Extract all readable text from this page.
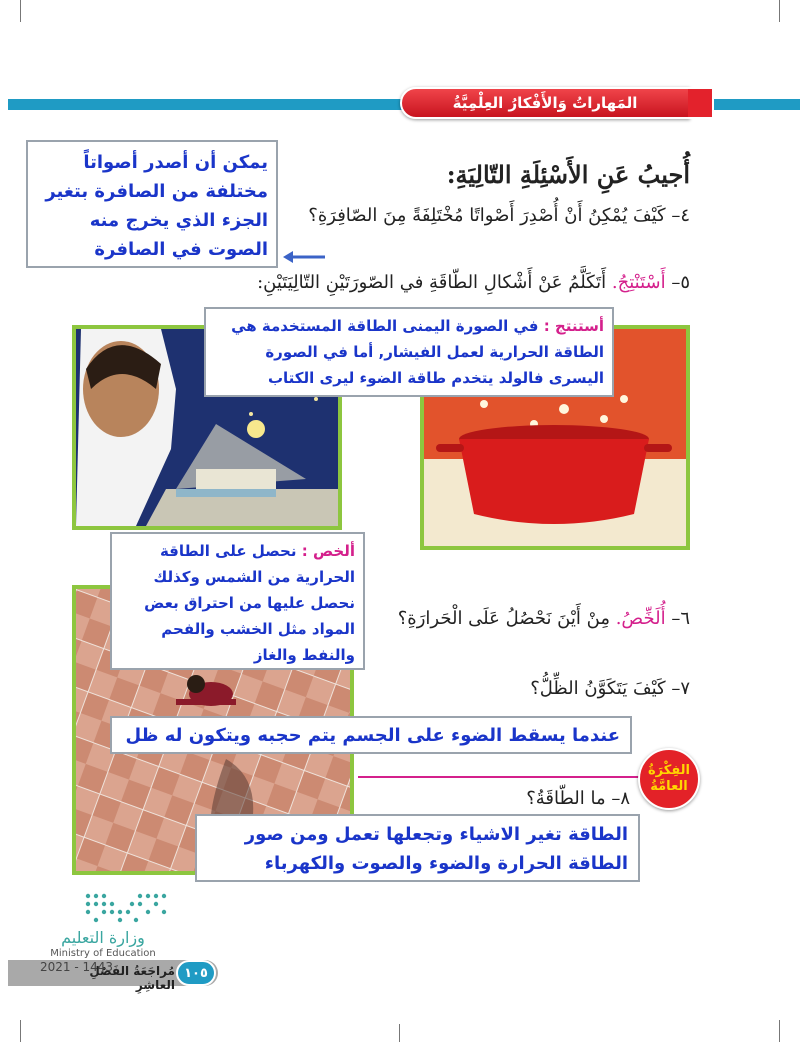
المَهاراتُ وَالأَفْكارُ العِلْمِيَّةُ
أُجيبُ عَنِ الأَسْئِلَةِ التّالِيَةِ:
٤– كَيْفَ يُمْكِنُ أَنْ أُصْدِرَ أَصْواتًا مُخْتَلِفَةً مِنَ الصّافِرَةِ؟
يمكن أن أصدر أصواتاً مختلفة من الصافرة بتغير الجزء الذي يخرج منه الصوت في الصافرة
٥– أَسْتَنْتِجُ. أَتَكَلَّمُ عَنْ أَشْكالِ الطّاقَةِ في الصّورَتَيْنِ التّالِيَتَيْنِ:
أستنتج : في الصورة اليمنى الطاقة المستخدمة هي الطاقة الحرارية لعمل الفيشار, أما في الصورة اليسرى فالولد يتخدم طاقة الضوء ليرى الكتاب
ألخص : نحصل على الطاقة الحرارية من الشمس وكذلك نحصل عليها من احتراق بعض المواد مثل الخشب والفحم والنفط والغاز
٦– أُلَخِّصُ. مِنْ أَيْنَ نَحْصُلُ عَلَى الْحَرارَةِ؟
٧– كَيْفَ يَتَكَوَّنُ الظِّلُّ؟
عندما يسقط الضوء على الجسم يتم حجبه ويتكون له ظل
الفِكْرَةُ
العامَّةُ
٨– ما الطّاقَةُ؟
الطاقة تغير الاشياء وتجعلها تعمل ومن صور الطاقة الحرارة والضوء والصوت والكهرباء
وزارة التعليم
Ministry of Education
١٠٥
مُراجَعَةُ الفَصْلِ العاشِرِ
2021 - 1443
